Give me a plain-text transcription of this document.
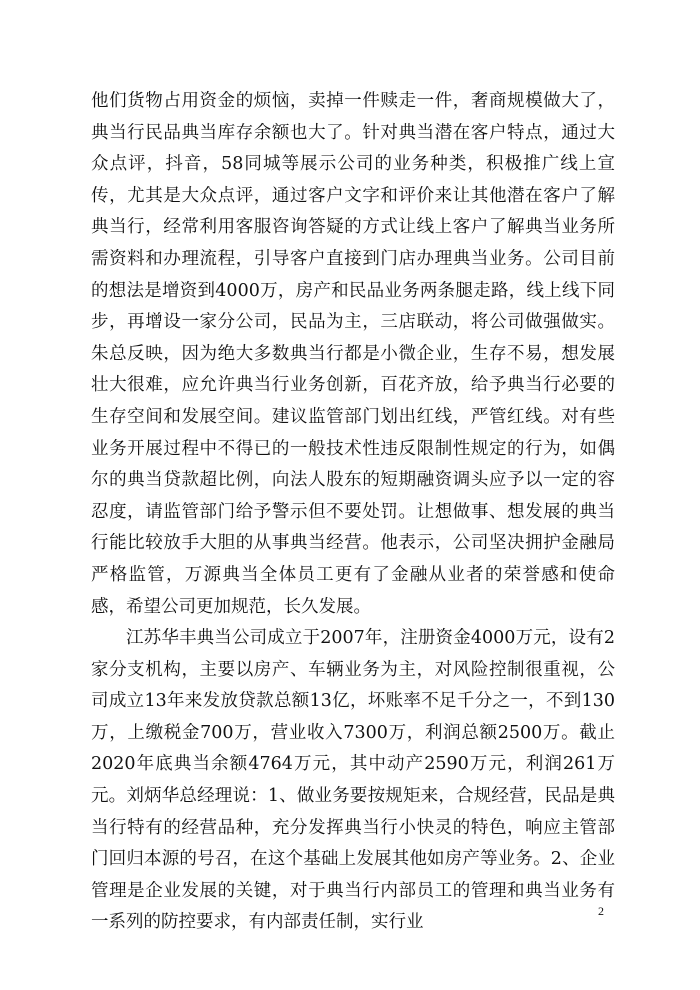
他们货物占用资金的烦恼，卖掉一件赎走一件，奢商规模做大了，典当行民品典当库存余额也大了。针对典当潜在客户特点，通过大众点评，抖音，58同城等展示公司的业务种类，积极推广线上宣传，尤其是大众点评，通过客户文字和评价来让其他潜在客户了解典当行，经常利用客服咨询答疑的方式让线上客户了解典当业务所需资料和办理流程，引导客户直接到门店办理典当业务。公司目前的想法是增资到4000万，房产和民品业务两条腿走路，线上线下同步，再增设一家分公司，民品为主，三店联动，将公司做强做实。朱总反映，因为绝大多数典当行都是小微企业，生存不易，想发展壮大很难，应允许典当行业务创新，百花齐放，给予典当行必要的生存空间和发展空间。建议监管部门划出红线，严管红线。对有些业务开展过程中不得已的一般技术性违反限制性规定的行为，如偶尔的典当贷款超比例，向法人股东的短期融资调头应予以一定的容忍度，请监管部门给予警示但不要处罚。让想做事、想发展的典当行能比较放手大胆的从事典当经营。他表示，公司坚决拥护金融局严格监管，万源典当全体员工更有了金融从业者的荣誉感和使命感，希望公司更加规范，长久发展。

江苏华丰典当公司成立于2007年，注册资金4000万元，设有2家分支机构，主要以房产、车辆业务为主，对风险控制很重视，公司成立13年来发放贷款总额13亿，坏账率不足千分之一，不到130万，上缴税金700万，营业收入7300万，利润总额2500万。截止2020年底典当余额4764万元，其中动产2590万元，利润261万元。刘炳华总经理说：1、做业务要按规矩来，合规经营，民品是典当行特有的经营品种，充分发挥典当行小快灵的特色，响应主管部门回归本源的号召，在这个基础上发展其他如房产等业务。2、企业管理是企业发展的关键，对于典当行内部员工的管理和典当业务有一系列的防控要求，有内部责任制，实行业

2
